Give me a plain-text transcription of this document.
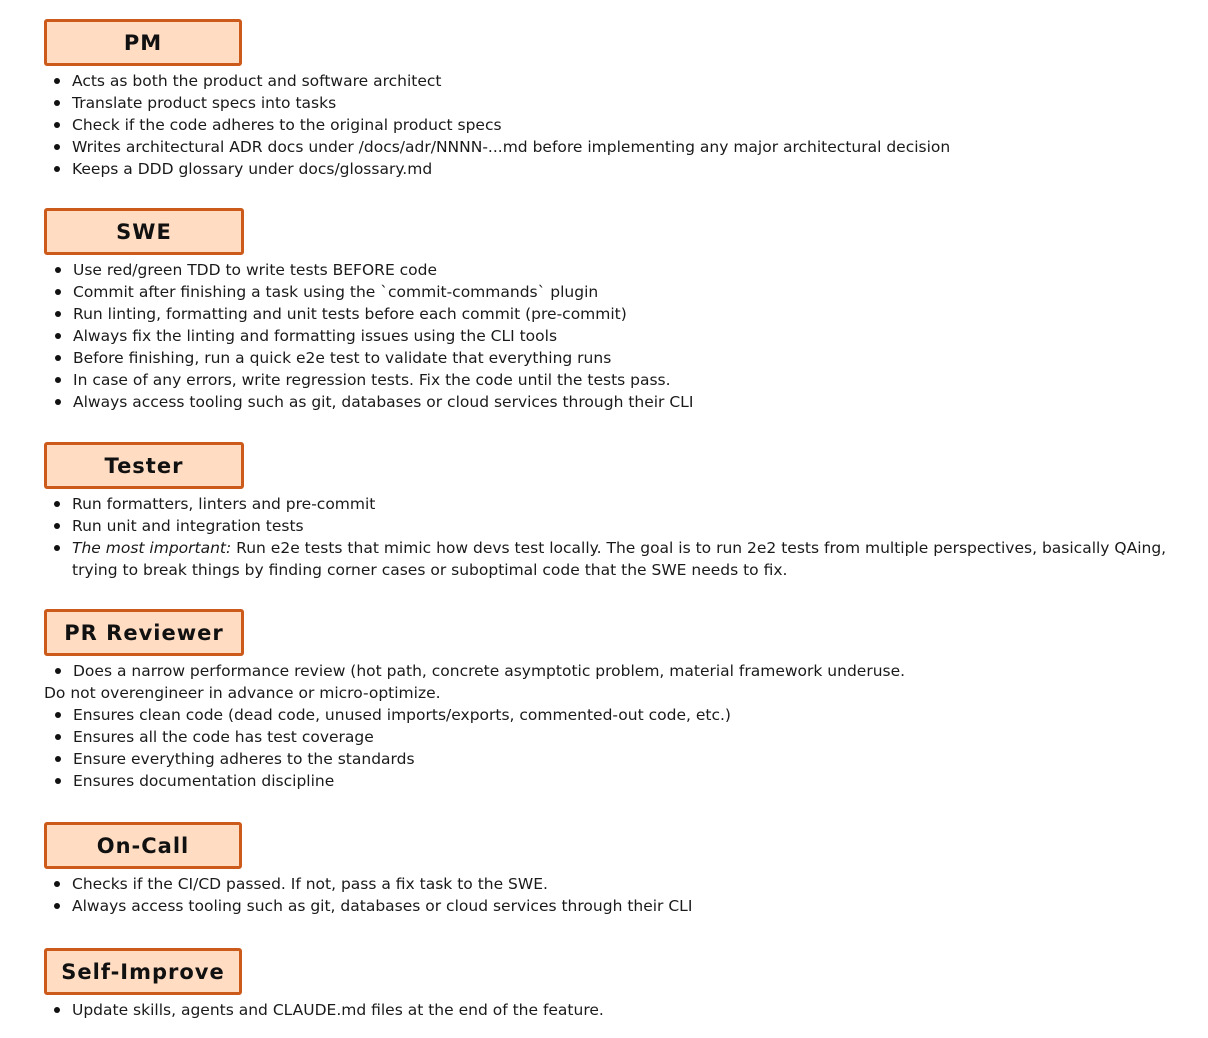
PM
Acts as both the product and software architect
Translate product specs into tasks
Check if the code adheres to the original product specs
Writes architectural ADR docs under /docs/adr/NNNN-...md before implementing any major architectural decision
Keeps a DDD glossary under docs/glossary.md
SWE
Use red/green TDD to write tests BEFORE code
Commit after finishing a task using the `commit-commands` plugin
Run linting, formatting and unit tests before each commit (pre-commit)
Always fix the linting and formatting issues using the CLI tools
Before finishing, run a quick e2e test to validate that everything runs
In case of any errors, write regression tests. Fix the code until the tests pass.
Always access tooling such as git, databases or cloud services through their CLI
Tester
Run formatters, linters and pre-commit
Run unit and integration tests
The most important: Run e2e tests that mimic how devs test locally. The goal is to run 2e2 tests from multiple perspectives, basically QAing, trying to break things by finding corner cases or suboptimal code that the SWE needs to fix.
PR Reviewer
Does a narrow performance review (hot path, concrete asymptotic problem, material framework underuse.
Do not overengineer in advance or micro-optimize.
Ensures clean code (dead code, unused imports/exports, commented-out code, etc.)
Ensures all the code has test coverage
Ensure everything adheres to the standards
Ensures documentation discipline
On-Call
Checks if the CI/CD passed. If not, pass a fix task to the SWE.
Always access tooling such as git, databases or cloud services through their CLI
Self-Improve
Update skills, agents and CLAUDE.md files at the end of the feature.
